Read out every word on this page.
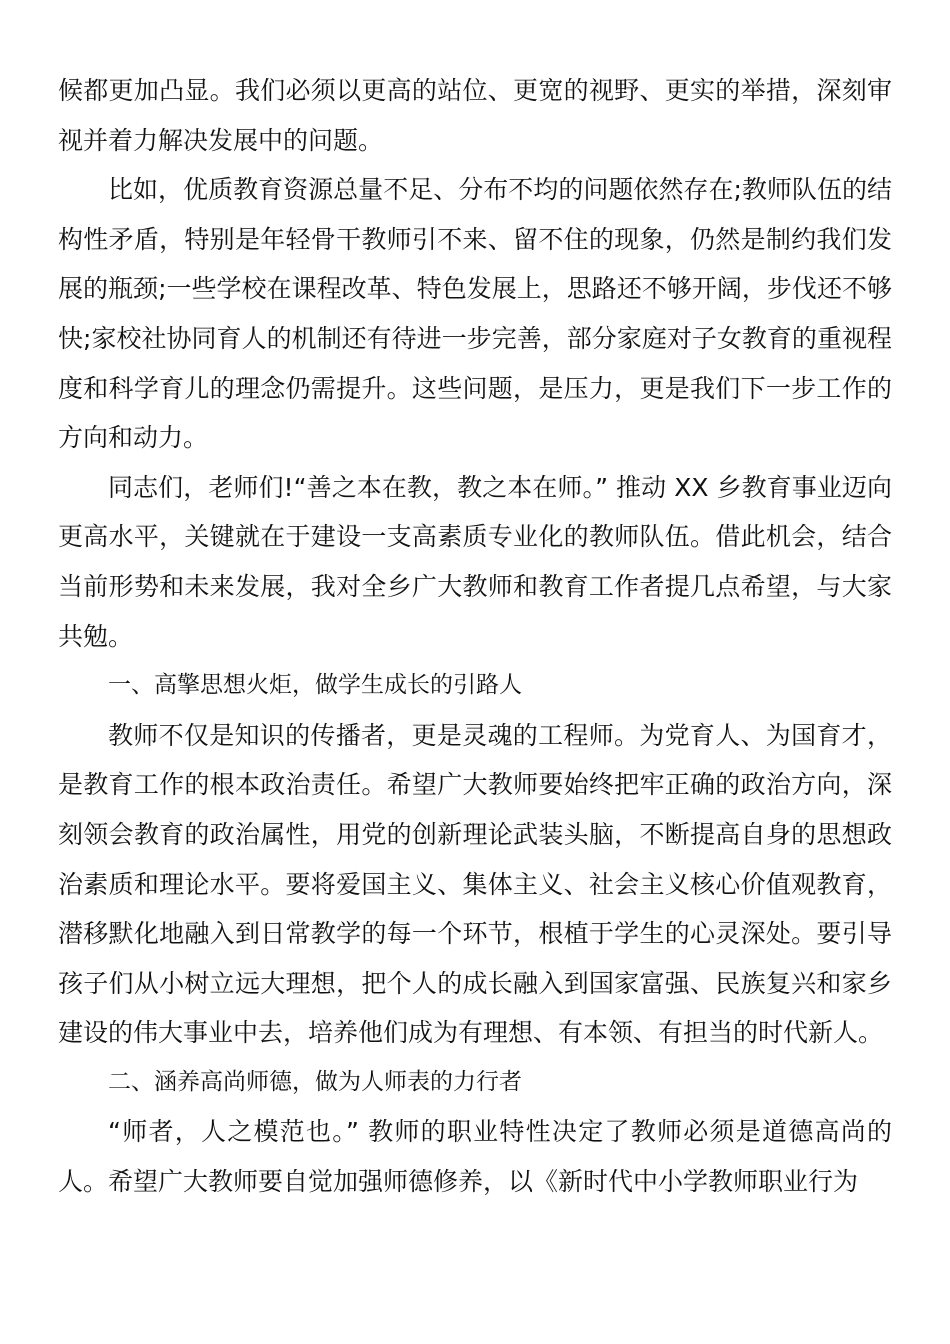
候都更加凸显。我们必须以更高的站位、更宽的视野、更实的举措，深刻审视并着力解决发展中的问题。

比如，优质教育资源总量不足、分布不均的问题依然存在;教师队伍的结构性矛盾，特别是年轻骨干教师引不来、留不住的现象，仍然是制约我们发展的瓶颈;一些学校在课程改革、特色发展上，思路还不够开阔，步伐还不够快;家校社协同育人的机制还有待进一步完善，部分家庭对子女教育的重视程度和科学育儿的理念仍需提升。这些问题，是压力，更是我们下一步工作的方向和动力。

同志们，老师们!“善之本在教，教之本在师。” 推动 XX 乡教育事业迈向更高水平，关键就在于建设一支高素质专业化的教师队伍。借此机会，结合当前形势和未来发展，我对全乡广大教师和教育工作者提几点希望，与大家共勉。

一、高擎思想火炬，做学生成长的引路人

教师不仅是知识的传播者，更是灵魂的工程师。为党育人、为国育才，是教育工作的根本政治责任。希望广大教师要始终把牢正确的政治方向，深刻领会教育的政治属性，用党的创新理论武装头脑，不断提高自身的思想政治素质和理论水平。要将爱国主义、集体主义、社会主义核心价值观教育，潜移默化地融入到日常教学的每一个环节，根植于学生的心灵深处。要引导孩子们从小树立远大理想，把个人的成长融入到国家富强、民族复兴和家乡建设的伟大事业中去，培养他们成为有理想、有本领、有担当的时代新人。

二、涵养高尚师德，做为人师表的力行者

“师者，人之模范也。” 教师的职业特性决定了教师必须是道德高尚的人。希望广大教师要自觉加强师德修养，以《新时代中小学教师职业行为
